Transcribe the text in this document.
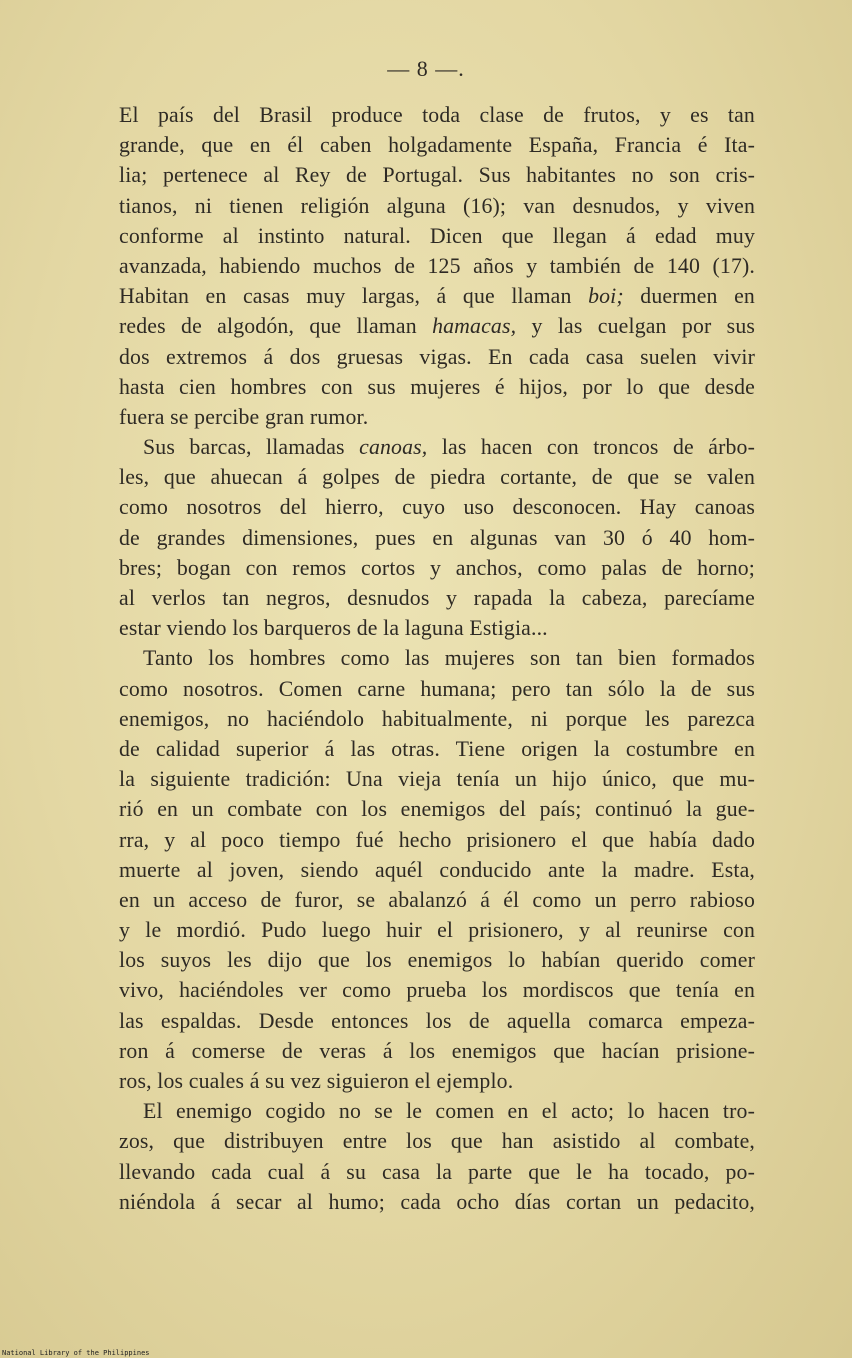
— 8 —.
El país del Brasil produce toda clase de frutos, y es tan
grande, que en él caben holgadamente España, Francia é Ita-
lia; pertenece al Rey de Portugal. Sus habitantes no son cris-
tianos, ni tienen religión alguna (16); van desnudos, y viven
conforme al instinto natural. Dicen que llegan á edad muy
avanzada, habiendo muchos de 125 años y también de 140 (17).
Habitan en casas muy largas, á que llaman boi; duermen en
redes de algodón, que llaman hamacas, y las cuelgan por sus
dos extremos á dos gruesas vigas. En cada casa suelen vivir
hasta cien hombres con sus mujeres é hijos, por lo que desde
fuera se percibe gran rumor.
Sus barcas, llamadas canoas, las hacen con troncos de árbo-
les, que ahuecan á golpes de piedra cortante, de que se valen
como nosotros del hierro, cuyo uso desconocen. Hay canoas
de grandes dimensiones, pues en algunas van 30 ó 40 hom-
bres; bogan con remos cortos y anchos, como palas de horno;
al verlos tan negros, desnudos y rapada la cabeza, parecíame
estar viendo los barqueros de la laguna Estigia...
Tanto los hombres como las mujeres son tan bien formados
como nosotros. Comen carne humana; pero tan sólo la de sus
enemigos, no haciéndolo habitualmente, ni porque les parezca
de calidad superior á las otras. Tiene origen la costumbre en
la siguiente tradición: Una vieja tenía un hijo único, que mu-
rió en un combate con los enemigos del país; continuó la gue-
rra, y al poco tiempo fué hecho prisionero el que había dado
muerte al joven, siendo aquél conducido ante la madre. Esta,
en un acceso de furor, se abalanzó á él como un perro rabioso
y le mordió. Pudo luego huir el prisionero, y al reunirse con
los suyos les dijo que los enemigos lo habían querido comer
vivo, haciéndoles ver como prueba los mordiscos que tenía en
las espaldas. Desde entonces los de aquella comarca empeza-
ron á comerse de veras á los enemigos que hacían prisione-
ros, los cuales á su vez siguieron el ejemplo.
El enemigo cogido no se le comen en el acto; lo hacen tro-
zos, que distribuyen entre los que han asistido al combate,
llevando cada cual á su casa la parte que le ha tocado, po-
niéndola á secar al humo; cada ocho días cortan un pedacito,
National Library of the Philippines
